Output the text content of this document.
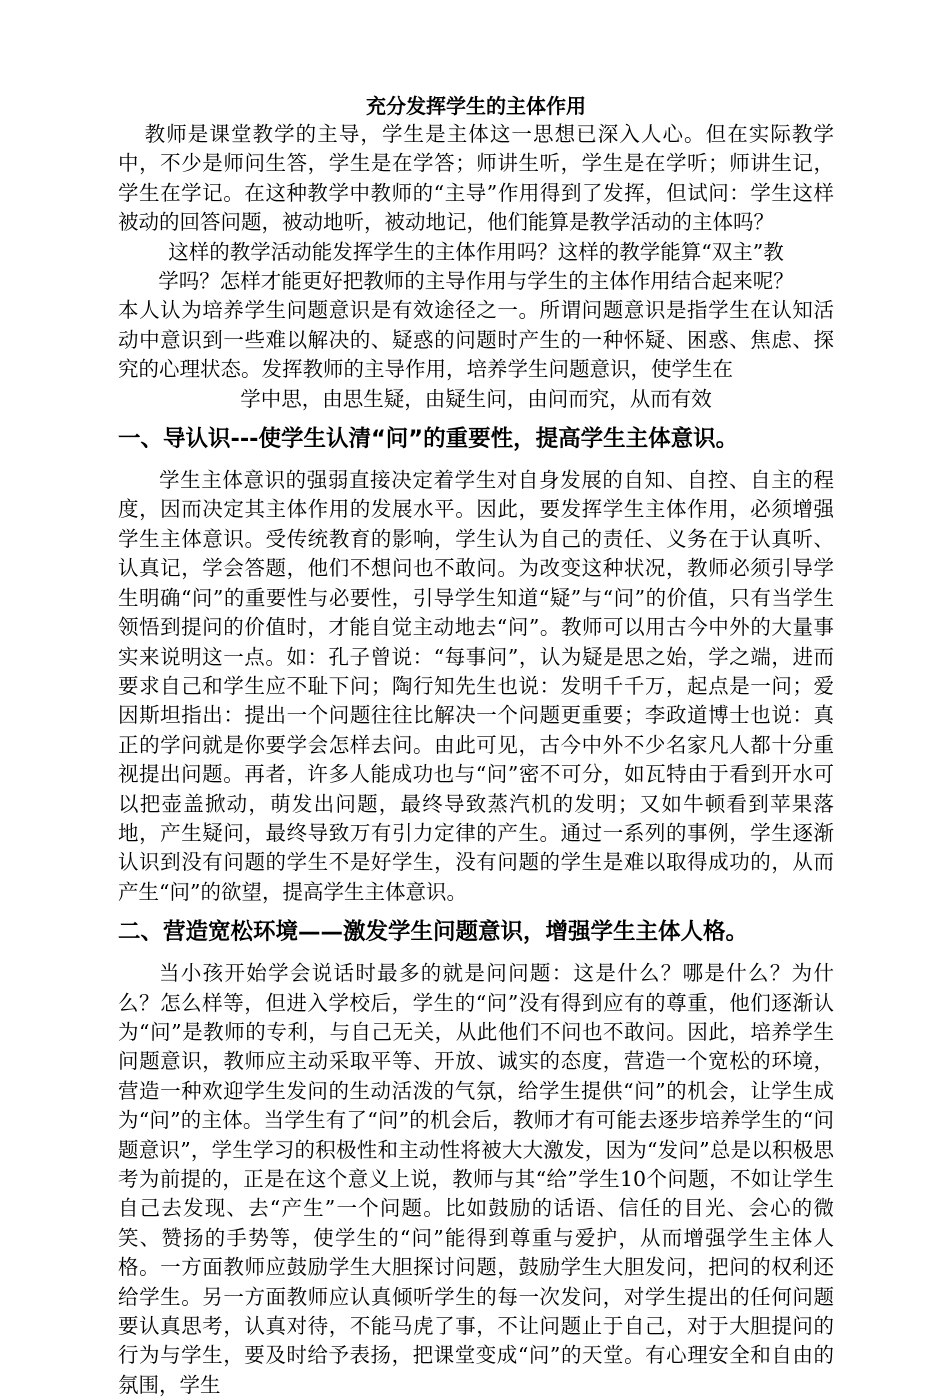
充分发挥学生的主体作用

教师是课堂教学的主导，学生是主体这一思想已深入人心。但在实际教学中，不少是师问生答，学生是在学答；师讲生听，学生是在学听；师讲生记，学生在学记。在这种教学中教师的“主导”作用得到了发挥，但试问：学生这样被动的回答问题，被动地听，被动地记，他们能算是教学活动的主体吗？

这样的教学活动能发挥学生的主体作用吗？这样的教学能算“双主”教

学吗？怎样才能更好把教师的主导作用与学生的主体作用结合起来呢？

本人认为培养学生问题意识是有效途径之一。所谓问题意识是指学生在认知活动中意识到一些难以解决的、疑惑的问题时产生的一种怀疑、困惑、焦虑、探究的心理状态。发挥教师的主导作用，培养学生问题意识，使学生在

学中思，由思生疑，由疑生问，由问而究，从而有效

一、导认识---使学生认清“问”的重要性，提高学生主体意识。

学生主体意识的强弱直接决定着学生对自身发展的自知、自控、自主的程度，因而决定其主体作用的发展水平。因此，要发挥学生主体作用，必须增强学生主体意识。受传统教育的影响，学生认为自己的责任、义务在于认真听、认真记，学会答题，他们不想问也不敢问。为改变这种状况，教师必须引导学生明确“问”的重要性与必要性，引导学生知道“疑”与“问”的价值，只有当学生领悟到提问的价值时，才能自觉主动地去“问”。教师可以用古今中外的大量事实来说明这一点。如：孔子曾说：“每事问”，认为疑是思之始，学之端，进而要求自己和学生应不耻下问；陶行知先生也说：发明千千万，起点是一问；爱因斯坦指出：提出一个问题往往比解决一个问题更重要；李政道博士也说：真正的学问就是你要学会怎样去问。由此可见，古今中外不少名家凡人都十分重视提出问题。再者，许多人能成功也与“问”密不可分，如瓦特由于看到开水可以把壶盖掀动，萌发出问题，最终导致蒸汽机的发明；又如牛顿看到苹果落地，产生疑问，最终导致万有引力定律的产生。通过一系列的事例，学生逐渐认识到没有问题的学生不是好学生，没有问题的学生是难以取得成功的，从而产生“问”的欲望，提高学生主体意识。

二、营造宽松环境——激发学生问题意识，增强学生主体人格。

当小孩开始学会说话时最多的就是问问题：这是什么？哪是什么？为什么？怎么样等，但进入学校后，学生的“问”没有得到应有的尊重，他们逐渐认为“问”是教师的专利，与自己无关，从此他们不问也不敢问。因此，培养学生问题意识，教师应主动采取平等、开放、诚实的态度，营造一个宽松的环境，营造一种欢迎学生发问的生动活泼的气氛，给学生提供“问”的机会，让学生成为“问”的主体。当学生有了“问”的机会后，教师才有可能去逐步培养学生的“问题意识”，学生学习的积极性和主动性将被大大激发，因为“发问”总是以积极思考为前提的，正是在这个意义上说，教师与其“给”学生10个问题，不如让学生自己去发现、去“产生”一个问题。比如鼓励的话语、信任的目光、会心的微笑、赞扬的手势等，使学生的“问”能得到尊重与爱护，从而增强学生主体人格。一方面教师应鼓励学生大胆探讨问题，鼓励学生大胆发问，把问的权利还给学生。另一方面教师应认真倾听学生的每一次发问，对学生提出的任何问题要认真思考，认真对待，不能马虎了事，不让问题止于自己，对于大胆提问的行为与学生，要及时给予表扬，把课堂变成“问”的天堂。有心理安全和自由的氛围，学生
